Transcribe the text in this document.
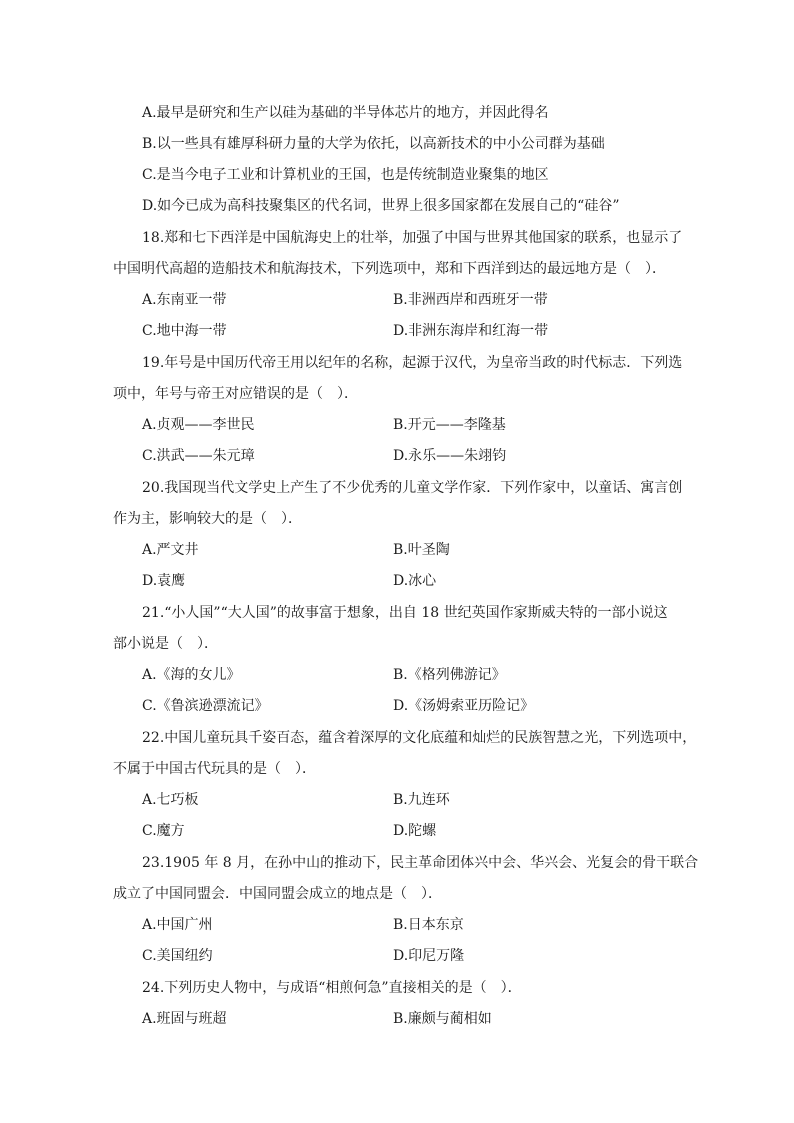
A.最早是研究和生产以硅为基础的半导体芯片的地方，并因此得名
B.以一些具有雄厚科研力量的大学为依托，以高新技术的中小公司群为基础
C.是当今电子工业和计算机业的王国，也是传统制造业聚集的地区
D.如今已成为高科技聚集区的代名词，世界上很多国家都在发展自己的“硅谷”
18.郑和七下西洋是中国航海史上的壮举，加强了中国与世界其他国家的联系，也显示了
中国明代高超的造船技术和航海技术，下列选项中，郑和下西洋到达的最远地方是（　）．
A.东南亚一带	B.非洲西岸和西班牙一带
C.地中海一带	D.非洲东海岸和红海一带
19.年号是中国历代帝王用以纪年的名称，起源于汉代，为皇帝当政的时代标志．下列选
项中，年号与帝王对应错误的是（　）．
A.贞观——李世民	B.开元——李隆基
C.洪武——朱元璋	D.永乐——朱翊钧
20.我国现当代文学史上产生了不少优秀的儿童文学作家．下列作家中，以童话、寓言创
作为主，影响较大的是（　）．
A.严文井	B.叶圣陶
D.袁鹰	D.冰心
21.“小人国”“大人国”的故事富于想象，出自 18 世纪英国作家斯威夫特的一部小说这
部小说是（　）．
A.《海的女儿》	B.《格列佛游记》
C.《鲁滨逊漂流记》	D.《汤姆索亚历险记》
22.中国儿童玩具千姿百态，蕴含着深厚的文化底蕴和灿烂的民族智慧之光，下列选项中，
不属于中国古代玩具的是（　）．
A.七巧板	B.九连环
C.魔方	D.陀螺
23.1905 年 8 月，在孙中山的推动下，民主革命团体兴中会、华兴会、光复会的骨干联合
成立了中国同盟会．中国同盟会成立的地点是（　）．
A.中国广州	B.日本东京
C.美国纽约	D.印尼万隆
24.下列历史人物中，与成语“相煎何急”直接相关的是（　）．
A.班固与班超	B.廉颇与蔺相如
